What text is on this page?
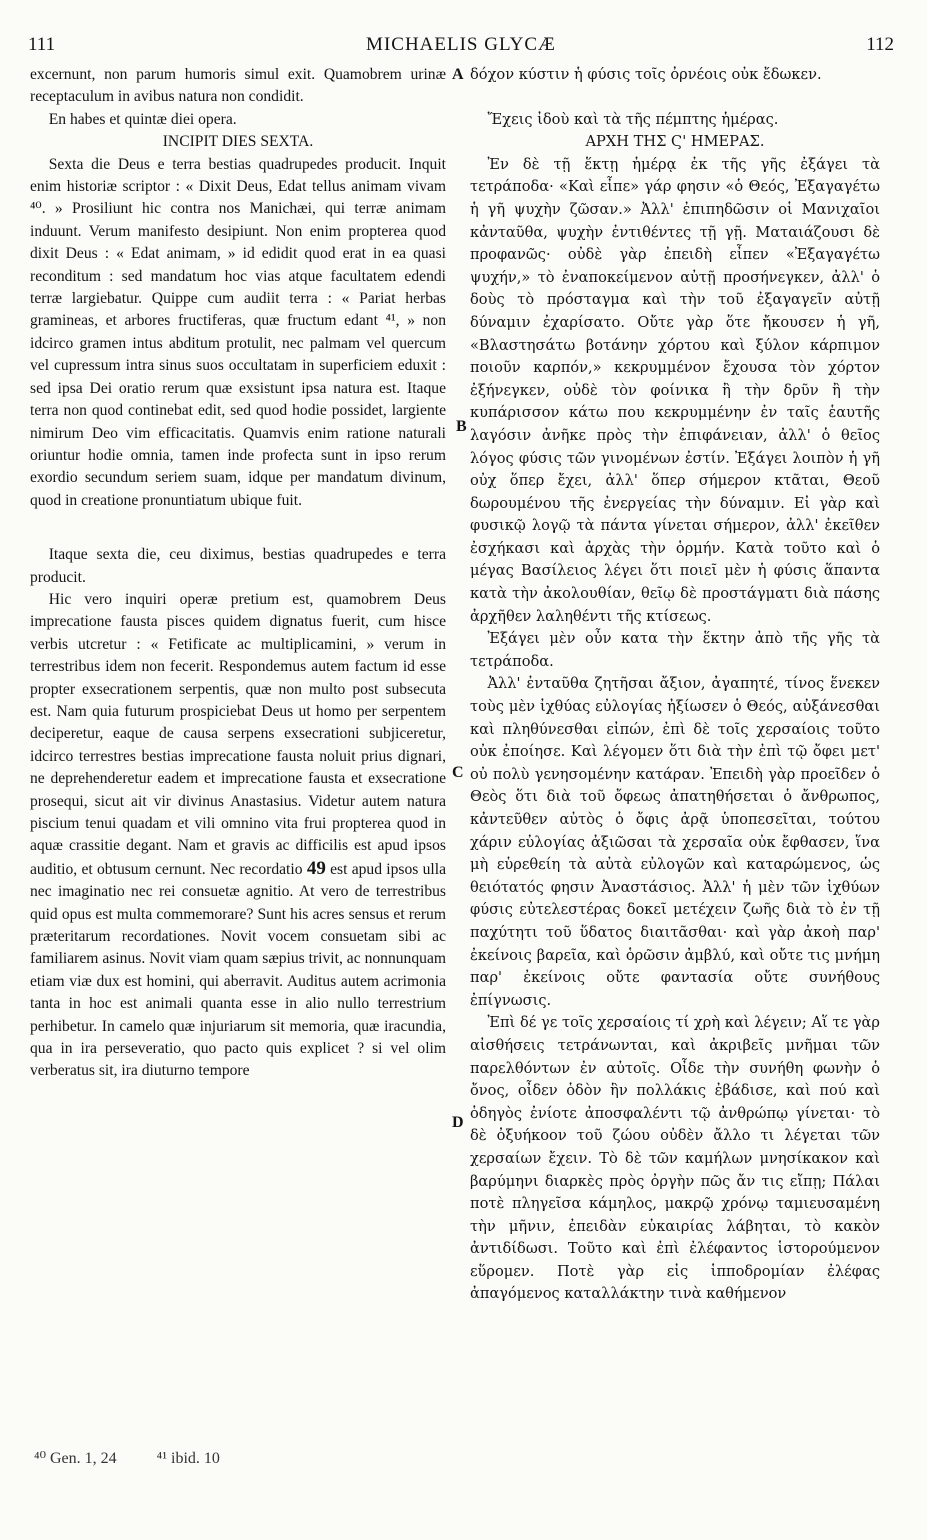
111	MICHAELIS GLYCÆ	112

excernunt, non parum humoris simul exit. Quamobrem urinæ receptaculum in avibus natura non condidit.

En habes et quintæ diei opera.

INCIPIT DIES SEXTA.

Sexta die Deus e terra bestias quadrupedes producit. Inquit enim historiæ scriptor : « Dixit Deus, Edat tellus animam vivam ⁴⁰. » Prosiliunt hic contra nos Manichæi, qui terræ animam induunt. Verum manifesto desipiunt. Non enim propterea quod dixit Deus : « Edat animam, » id edidit quod erat in ea quasi reconditum : sed mandatum hoc vias atque facultatem edendi terræ largiebatur. Quippe cum audiit terra : « Pariat herbas gramineas, et arbores fructiferas, quæ fructum edant ⁴¹, » non idcirco gramen intus abditum protulit, nec palmam vel quercum vel cupressum intra sinus suos occultatam in superficiem eduxit : sed ipsa Dei oratio rerum quæ exsistunt ipsa natura est. Itaque terra non quod continebat edit, sed quod hodie possidet, largiente nimirum Deo vim efficacitatis. Quamvis enim ratione naturali oriuntur hodie omnia, tamen inde profecta sunt in ipso rerum exordio secundum seriem suam, idque per mandatum divinum, quod in creatione pronuntiatum ubique fuit.

Itaque sexta die, ceu diximus, bestias quadrupedes e terra producit.

Hic vero inquiri operæ pretium est, quamobrem Deus imprecatione fausta pisces quidem dignatus fuerit, cum hisce verbis utcretur : « Fetificate ac multiplicamini, » verum in terrestribus idem non fecerit. Respondemus autem factum id esse propter exsecrationem serpentis, quæ non multo post subsecuta est. Nam quia futurum prospiciebat Deus ut homo per serpentem deciperetur, eaque de causa serpens exsecrationi subjiceretur, idcirco terrestres bestias imprecatione fausta noluit prius dignari, ne deprehenderetur eadem et imprecatione fausta et exsecratione prosequi, sicut ait vir divinus Anastasius. Videtur autem natura piscium tenui quadam et vili omnino vita frui propterea quod in aquæ crassitie degant. Nam et gravis ac difficilis est apud ipsos auditio, et obtusum cernunt. Nec recordatio 49 est apud ipsos ulla nec imaginatio nec rei consuetæ agnitio. At vero de terrestribus quid opus est multa commemorare? Sunt his acres sensus et rerum præteritarum recordationes. Novit vocem consuetam sibi ac familiarem asinus. Novit viam quam sæpius trivit, ac nonnunquam etiam viæ dux est homini, qui aberravit. Auditus autem acrimonia tanta in hoc est animali quanta esse in alio nullo terrestrium perhibetur. In camelo quæ injuriarum sit memoria, quæ iracundia, qua in ira perseveratio, quo pacto quis explicet ? si vel olim verberatus sit, ira diuturno tempore

δόχον κύστιν ἡ φύσις τοῖς ὀρνέοις οὐκ ἔδωκεν.

Ἔχεις ἰδοὺ καὶ τὰ τῆς πέμπτης ἡμέρας.

ΑΡΧΗ ΤΗΣ Ϛ' ΗΜΕΡΑΣ.

Ἐν δὲ τῇ ἕκτῃ ἡμέρᾳ ἐκ τῆς γῆς ἐξάγει τὰ τετράποδα· «Καὶ εἶπε» γάρ φησιν «ὁ Θεός, Ἐξαγαγέτω ἡ γῆ ψυχὴν ζῶσαν.» Ἀλλ' ἐπιπηδῶσιν οἱ Μανιχαῖοι κἀνταῦθα, ψυχὴν ἐντιθέντες τῇ γῇ. Ματαιάζουσι δὲ προφανῶς· οὐδὲ γὰρ ἐπειδὴ εἶπεν «Ἐξαγαγέτω ψυχήν,» τὸ ἐναποκείμενον αὐτῇ προσήνεγκεν, ἀλλ' ὁ δοὺς τὸ πρόσταγμα καὶ τὴν τοῦ ἐξαγαγεῖν αὐτῇ δύναμιν ἐχαρίσατο. Οὔτε γὰρ ὅτε ἤκουσεν ἡ γῆ, «Βλαστησάτω βοτάνην χόρτου καὶ ξύλον κάρπιμον ποιοῦν καρπόν,» κεκρυμμένον ἔχουσα τὸν χόρτον ἐξήνεγκεν, οὐδὲ τὸν φοίνικα ἢ τὴν δρῦν ἢ τὴν κυπάρισσον κάτω που κεκρυμμένην ἐν ταῖς ἑαυτῆς λαγόσιν ἀνῆκε πρὸς τὴν ἐπιφάνειαν, ἀλλ' ὁ θεῖος λόγος φύσις τῶν γινομένων ἐστίν. Ἐξάγει λοιπὸν ἡ γῆ οὐχ ὅπερ ἔχει, ἀλλ' ὅπερ σήμερον κτᾶται, Θεοῦ δωρουμένου τῆς ἐνεργείας τὴν δύναμιν. Εἰ γὰρ καὶ φυσικῷ λογῷ τὰ πάντα γίνεται σήμερον, ἀλλ' ἐκεῖθεν ἐσχήκασι καὶ ἀρχὰς τὴν ὁρμήν. Κατὰ τοῦτο καὶ ὁ μέγας Βασίλειος λέγει ὅτι ποιεῖ μὲν ἡ φύσις ἅπαντα κατὰ τὴν ἀκολουθίαν, θεῖῳ δὲ προστάγματι διὰ πάσης ἀρχῆθεν λαληθέντι τῆς κτίσεως.

Ἐξάγει μὲν οὖν κατα τὴν ἕκτην ἀπὸ τῆς γῆς τὰ τετράποδα.

Ἀλλ' ἐνταῦθα ζητῆσαι ἄξιον, ἀγαπητέ, τίνος ἕνεκεν τοὺς μὲν ἰχθύας εὐλογίας ἠξίωσεν ὁ Θεός, αὐξάνεσθαι καὶ πληθύνεσθαι εἰπών, ἐπὶ δὲ τοῖς χερσαίοις τοῦτο οὐκ ἐποίησε. Καὶ λέγομεν ὅτι διὰ τὴν ἐπὶ τῷ ὄφει μετ' οὐ πολὺ γενησομένην κατάραν. Ἐπειδὴ γὰρ προεῖδεν ὁ Θεὸς ὅτι διὰ τοῦ ὄφεως ἀπατηθήσεται ὁ ἄνθρωπος, κἀντεῦθεν αὐτὸς ὁ ὄφις ἀρᾷ ὑποπεσεῖται, τούτου χάριν εὐλογίας ἀξιῶσαι τὰ χερσαῖα οὐκ ἔφθασεν, ἵνα μὴ εὑρεθείη τὰ αὐτὰ εὐλογῶν καὶ καταρώμενος, ὡς θειότατός φησιν Ἀναστάσιος. Ἀλλ' ἡ μὲν τῶν ἰχθύων φύσις εὐτελεστέρας δοκεῖ μετέχειν ζωῆς διὰ τὸ ἐν τῇ παχύτητι τοῦ ὕδατος διαιτᾶσθαι· καὶ γὰρ ἀκοὴ παρ' ἐκείνοις βαρεῖα, καὶ ὁρῶσιν ἀμβλύ, καὶ οὔτε τις μνήμη παρ' ἐκείνοις οὔτε φαντασία οὔτε συνήθους ἐπίγνωσις.

Ἐπὶ δέ γε τοῖς χερσαίοις τί χρὴ καὶ λέγειν; Αἵ τε γὰρ αἰσθήσεις τετράνωνται, καὶ ἀκριβεῖς μνῆμαι τῶν παρελθόντων ἐν αὐτοῖς. Οἶδε τὴν συνήθη φωνὴν ὁ ὄνος, οἶδεν ὁδὸν ἣν πολλάκις ἐβάδισε, καὶ πού καὶ ὁδηγὸς ἐνίοτε ἀποσφαλέντι τῷ ἀνθρώπῳ γίνεται· τὸ δὲ ὀξυήκοον τοῦ ζώου οὐδὲν ἄλλο τι λέγεται τῶν χερσαίων ἔχειν. Τὸ δὲ τῶν καμήλων μνησίκακον καὶ βαρύμηνι διαρκὲς πρὸς ὀργὴν πῶς ἄν τις εἴπῃ; Πάλαι ποτὲ πληγεῖσα κάμηλος, μακρῷ χρόνῳ ταμιευσαμένη τὴν μῆνιν, ἐπειδὰν εὐκαιρίας λάβηται, τὸ κακὸν ἀντιδίδωσι. Τοῦτο καὶ ἐπὶ ἐλέφαντος ἱστορούμενον εὕρομεν. Ποτὲ γὰρ εἰς ἱπποδρομίαν ἐλέφας ἀπαγόμενος καταλλάκτην τινὰ καθήμενον

A
B
C
D
⁴⁰ Gen. 1, 24	⁴¹ ibid. 10
